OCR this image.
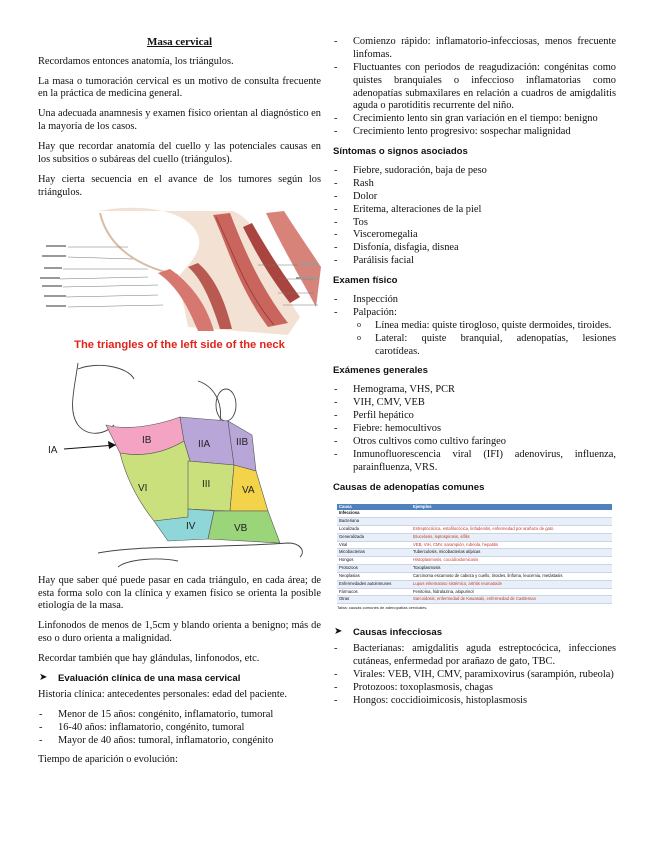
Masa cervical

Recordamos entonces anatomía, los triángulos.

La masa o tumoración cervical es un motivo de consulta frecuente en la práctica de medicina general.

Una adecuada anamnesis y examen físico orientan al diagnóstico en la mayoría de los casos.

Hay que recordar anatomía del cuello y las potenciales causas en los subsitios o subáreas del cuello (triángulos).

Hay cierta secuencia en el avance de los tumores según los triángulos.

The triangles of the left side of the neck
IA
IB	IIA	IIB
III
IV
VA
VB
VI

Hay que saber qué puede pasar en cada triángulo, en cada área; de esta forma solo con la clínica y examen físico se orienta la posible etiología de la masa.

Linfonodos de menos de 1,5cm y blando orienta a benigno; más de eso o duro orienta a malignidad.

Recordar también que hay glándulas, linfonodos, etc.

➤ Evaluación clínica de una masa cervical

Historia clínica: antecedentes personales: edad del paciente.

- Menor de 15 años: congénito, inflamatorio, tumoral
- 16-40 años: inflamatorio, congénito, tumoral
- Mayor de 40 años: tumoral, inflamatorio, congénito

Tiempo de aparición o evolución:

- Comienzo rápido: inflamatorio-infecciosas, menos frecuente linfomas.
- Fluctuantes con periodos de reagudización: congénitas como quistes branquiales o infeccioso inflamatorias como adenopatías submaxilares en relación a cuadros de amigdalitis aguda o parotiditis recurrente del niño.
- Crecimiento lento sin gran variación en el tiempo: benigno
- Crecimiento lento progresivo: sospechar malignidad
Síntomas o signos asociados
- Fiebre, sudoración, baja de peso
- Rash
- Dolor
- Eritema, alteraciones de la piel
- Tos
- Visceromegalia
- Disfonía, disfagia, disnea
- Parálisis facial
Examen físico
- Inspección
- Palpación:
o Línea media: quiste tirogloso, quiste dermoides, tiroides.
o Lateral: quiste branquial, adenopatías, lesiones carotídeas.
Exámenes generales
- Hemograma, VHS, PCR
- VIH, CMV, VEB
- Perfil hepático
- Fiebre: hemocultivos
- Otros cultivos como cultivo faríngeo
- Inmunofluorescencia viral (IFI) adenovirus, influenza, parainfluenza, VRS.
Causas de adenopatías comunes
Causa	Ejemplos
Infecciosa	
Bacteriana	
Localizada	Estreptocócica, estafilocócica, linfadenitis, enfermedad por arañazo de gato
Generalizada	Brucelosis, leptospirosis, sífilis
Viral	VEB, VIH, CMV, sarampión, rubéola, hepatitis
Micobacterias	Tuberculosis, micobacterias atípicas
Hongos	Histoplasmosis, coccidioidomicosis
Protozoos	Toxoplasmosis
Neoplasias	Carcinoma escamoso de cabeza y cuello, tiroides, linfoma, leucemia, metástasis
Enfermedades autoinmunes	Lupus eritematoso sistémico, artritis reumatoide
Fármacos	Fenitoína, hidralazina, alopurinol
Otras	Sarcoidosis, enfermedad de Kawasaki, enfermedad de Castleman
Tabla: causas comunes de adenopatías cervicales.
➤ Causas infecciosas
- Bacterianas: amigdalitis aguda estreptocócica, infecciones cutáneas, enfermedad por arañazo de gato, TBC.
- Virales: VEB, VIH, CMV, paramixovirus (sarampión, rubeola)
- Protozoos: toxoplasmosis, chagas
- Hongos: coccidioimicosis, histoplasmosis
